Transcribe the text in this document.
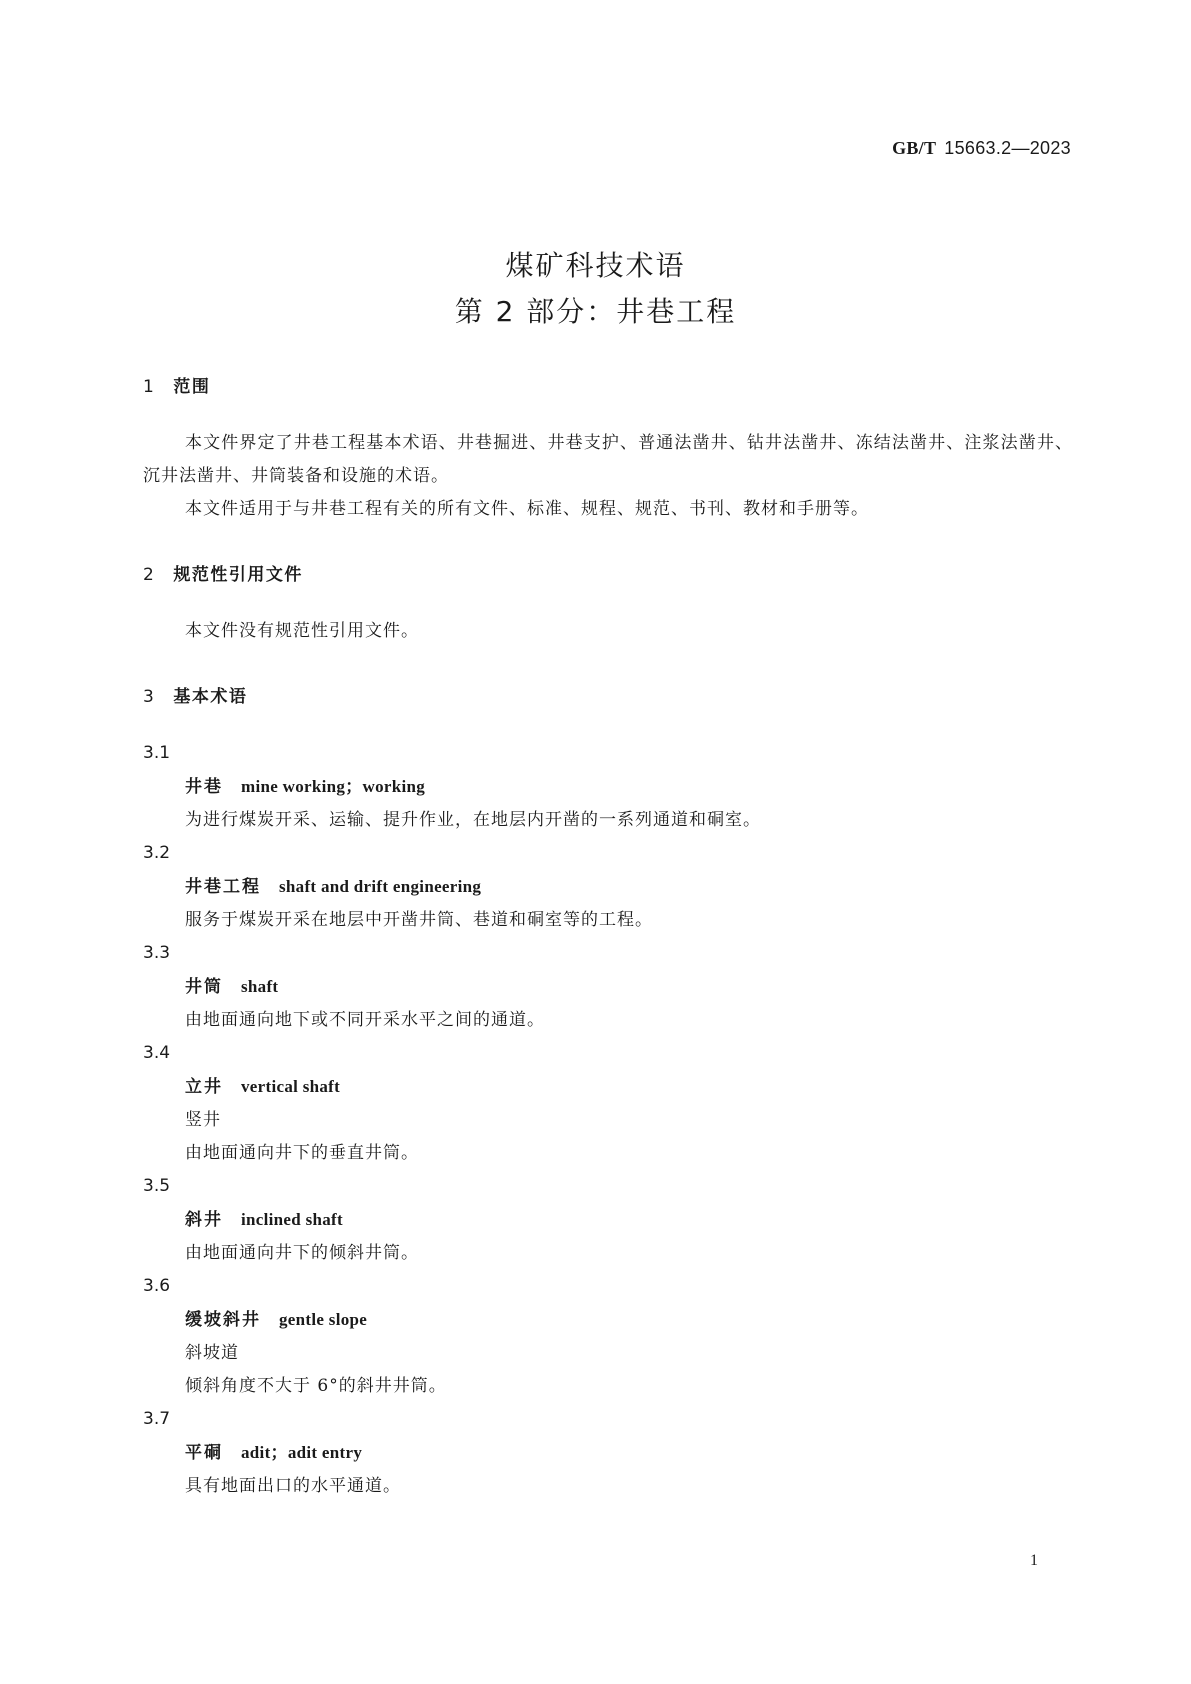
GB/T 15663.2—2023
煤矿科技术语
第 2 部分：井巷工程
1 范围
本文件界定了井巷工程基本术语、井巷掘进、井巷支护、普通法凿井、钻井法凿井、冻结法凿井、注浆法凿井、沉井法凿井、井筒装备和设施的术语。
本文件适用于与井巷工程有关的所有文件、标准、规程、规范、书刊、教材和手册等。
2 规范性引用文件
本文件没有规范性引用文件。
3 基本术语
3.1
井巷 mine working；working
为进行煤炭开采、运输、提升作业，在地层内开凿的一系列通道和硐室。
3.2
井巷工程 shaft and drift engineering
服务于煤炭开采在地层中开凿井筒、巷道和硐室等的工程。
3.3
井筒 shaft
由地面通向地下或不同开采水平之间的通道。
3.4
立井 vertical shaft
竖井
由地面通向井下的垂直井筒。
3.5
斜井 inclined shaft
由地面通向井下的倾斜井筒。
3.6
缓坡斜井 gentle slope
斜坡道
倾斜角度不大于 6°的斜井井筒。
3.7
平硐 adit；adit entry
具有地面出口的水平通道。
1
